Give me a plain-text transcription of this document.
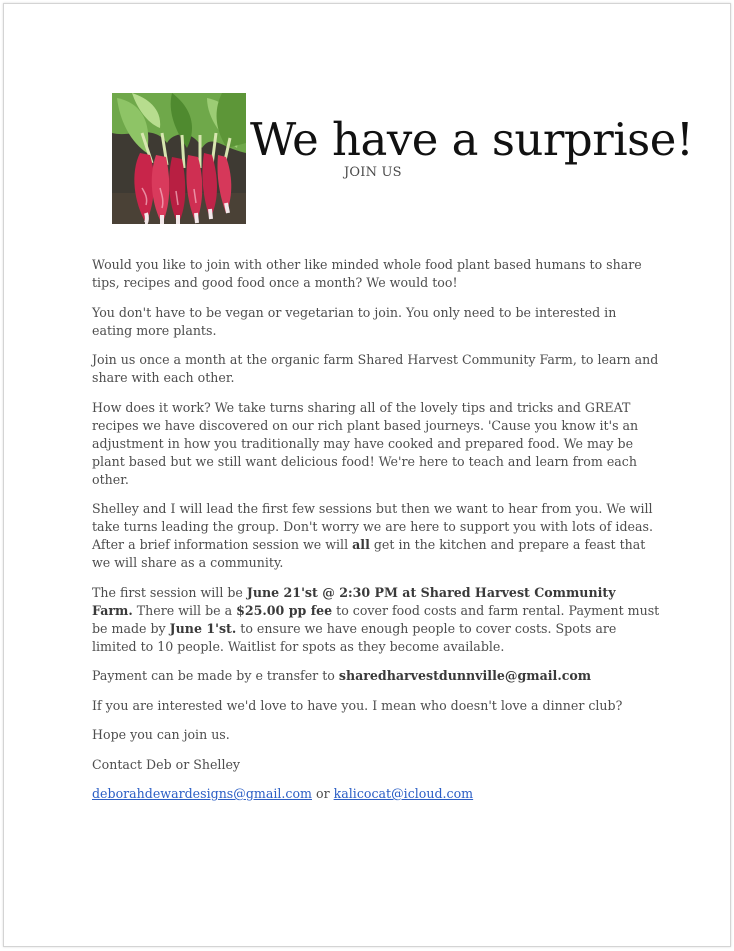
We have a surprise!
JOIN US

Would you like to join with other like minded whole food plant based humans to share tips, recipes and good food once a month? We would too!

You don't have to be vegan or vegetarian to join. You only need to be interested in eating more plants.

Join us once a month at the organic farm Shared Harvest Community Farm, to learn and share with each other.

How does it work? We take turns sharing all of the lovely tips and tricks and GREAT recipes we have discovered on our rich plant based journeys. 'Cause you know it's an adjustment in how you traditionally may have cooked and prepared food. We may be plant based but we still want delicious food! We're here to teach and learn from each other.

Shelley and I will lead the first few sessions but then we want to hear from you. We will take turns leading the group. Don't worry we are here to support you with lots of ideas. After a brief information session we will all get in the kitchen and prepare a feast that we will share as a community.

The first session will be June 21'st @ 2:30 PM at Shared Harvest Community Farm. There will be a $25.00 pp fee to cover food costs and farm rental. Payment must be made by June 1'st. to ensure we have enough people to cover costs. Spots are limited to 10 people. Waitlist for spots as they become available.

Payment can be made by e transfer to sharedharvestdunnville@gmail.com

If you are interested we'd love to have you. I mean who doesn't love a dinner club?

Hope you can join us.

Contact Deb or Shelley

deborahdewardesigns@gmail.com or kalicocat@icloud.com
